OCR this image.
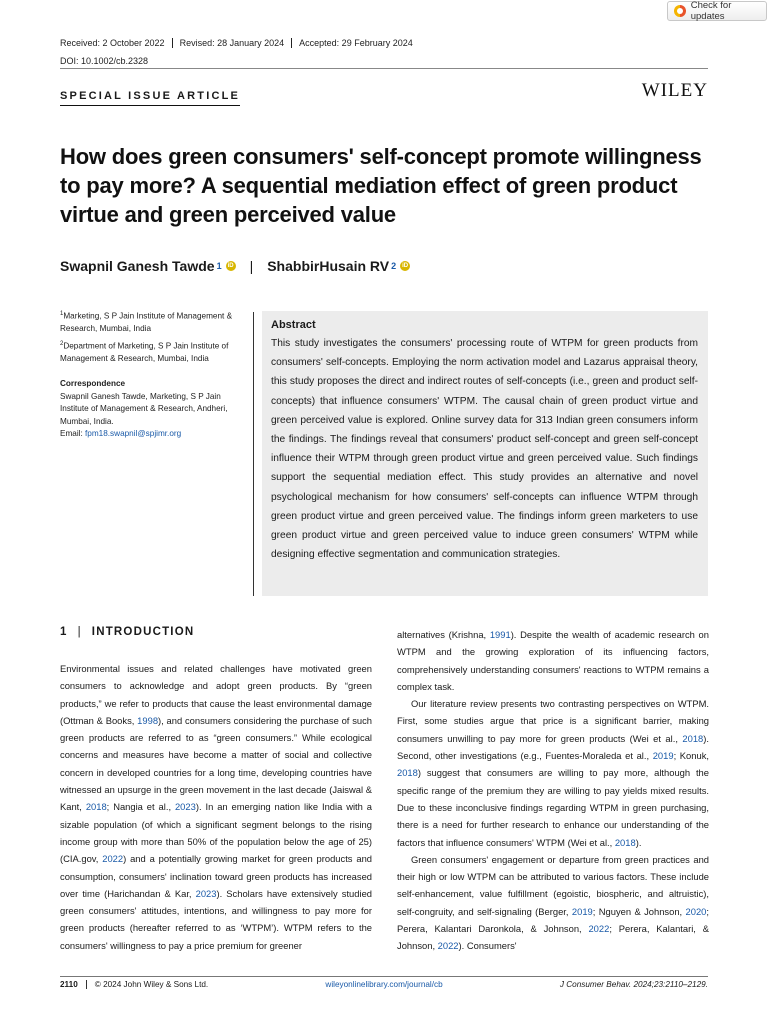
Check for updates
Received: 2 October 2022	Revised: 28 January 2024	Accepted: 29 February 2024
DOI: 10.1002/cb.2328
WILEY
SPECIAL ISSUE ARTICLE
How does green consumers' self-concept promote willingness to pay more? A sequential mediation effect of green product virtue and green perceived value
Swapnil Ganesh Tawde 1	iD | ShabbirHusain RV 2	iD
$^1$Marketing, S P Jain Institute of Management & Research, Mumbai, India
$^2$Department of Marketing, S P Jain Institute of Management & Research, Mumbai, India
Correspondence
Swapnil Ganesh Tawde, Marketing, S P Jain Institute of Management & Research, Andheri, Mumbai, India.
Email: fpm18.swapnil@spjimr.org
Abstract
This study investigates the consumers' processing route of WTPM for green products from consumers' self-concepts. Employing the norm activation model and Lazarus appraisal theory, this study proposes the direct and indirect routes of self-concepts (i.e., green and product self-concepts) that influence consumers' WTPM. The causal chain of green product virtue and green perceived value is explored. Online survey data for 313 Indian green consumers inform the findings. The findings reveal that consumers' product self-concept and green self-concept influence their WTPM through green product virtue and green perceived value. Such findings support the sequential mediation effect. This study provides an alternative and novel psychological mechanism for how consumers' self-concepts can influence WTPM through green product virtue and green perceived value. The findings inform green marketers to use green product virtue and green perceived value to induce green consumers' WTPM while designing effective segmentation and communication strategies.
1 | INTRODUCTION

Environmental issues and related challenges have motivated green consumers to acknowledge and adopt green products. By “green products,” we refer to products that cause the least environmental damage (Ottman & Books, 1998), and consumers considering the purchase of such green products are referred to as “green consumers.” While ecological concerns and measures have become a matter of social and collective concern in developed countries for a long time, developing countries have witnessed an upsurge in the green movement in the last decade (Jaiswal & Kant, 2018; Nangia et al., 2023). In an emerging nation like India with a sizable population (of which a significant segment belongs to the rising income group with more than 50% of the population below the age of 25) (CIA.gov, 2022) and a potentially growing market for green products and consumption, consumers' inclination toward green products has increased over time (Harichandan & Kar, 2023). Scholars have extensively studied green consumers' attitudes, intentions, and willingness to pay more for green products (hereafter referred to as ‘WTPM’). WTPM refers to the consumers' willingness to pay a price premium for greener

alternatives (Krishna, 1991). Despite the wealth of academic research on WTPM and the growing exploration of its influencing factors, comprehensively understanding consumers' reactions to WTPM remains a complex task.

Our literature review presents two contrasting perspectives on WTPM. First, some studies argue that price is a significant barrier, making consumers unwilling to pay more for green products (Wei et al., 2018). Second, other investigations (e.g., Fuentes-Moraleda et al., 2019; Konuk, 2018) suggest that consumers are willing to pay more, although the specific range of the premium they are willing to pay yields mixed results. Due to these inconclusive findings regarding WTPM in green purchasing, there is a need for further research to enhance our understanding of the factors that influence consumers' WTPM (Wei et al., 2018).

Green consumers' engagement or departure from green practices and their high or low WTPM can be attributed to various factors. These include self-enhancement, value fulfillment (egoistic, biospheric, and altruistic), self-congruity, and self-signaling (Berger, 2019; Nguyen & Johnson, 2020; Perera, Kalantari Daronkola, & Johnson, 2022; Perera, Kalantari, & Johnson, 2022). Consumers'

2110	© 2024 John Wiley & Sons Ltd.	wileyonlinelibrary.com/journal/cb	J Consumer Behav. 2024;23:2110–2129.
